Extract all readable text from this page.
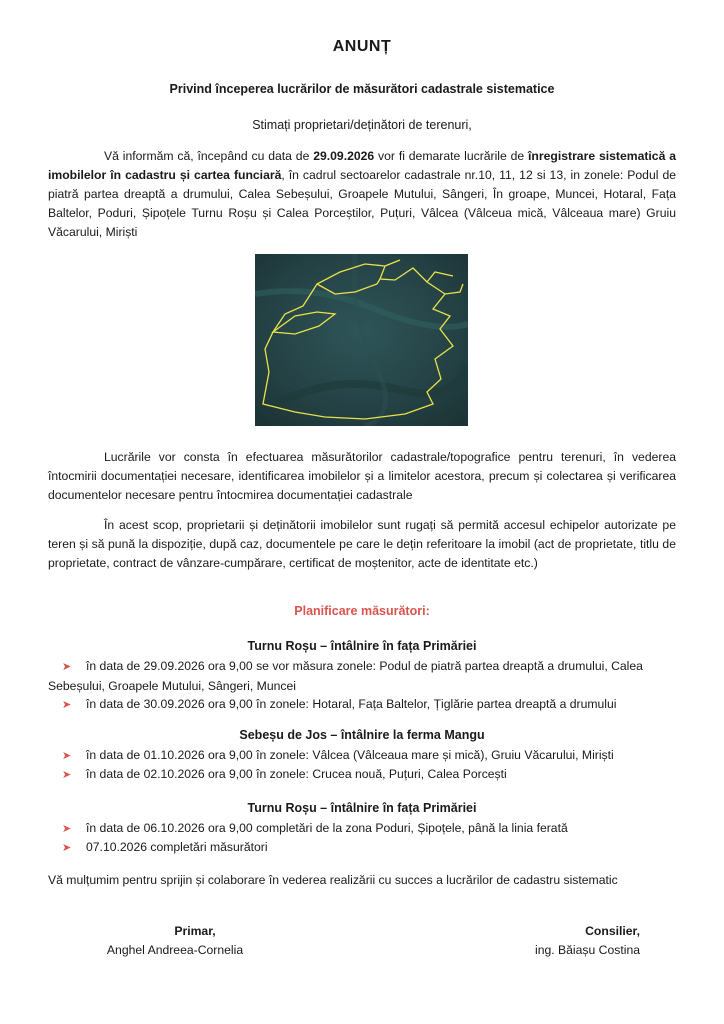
ANUNȚ
Privind începerea lucrărilor de măsurători cadastrale sistematice
Stimați proprietari/deținători de terenuri,
Vă informăm că, începând cu data de 29.09.2026 vor fi demarate lucrările de înregistrare sistematică a imobilelor în cadastru și cartea funciară, în cadrul sectoarelor cadastrale nr.10, 11, 12 si 13, in zonele: Podul de piatră partea dreaptă a drumului, Calea Sebeșului, Groapele Mutului, Sângeri, În groape, Muncei, Hotaral, Fața Baltelor, Poduri, Șipoțele Turnu Roșu și Calea Porceștilor, Puțuri, Vâlcea (Vâlceua mică, Vâlceaua mare) Gruiu Văcarului, Miriști
Lucrările vor consta în efectuarea măsurătorilor cadastrale/topografice pentru terenuri, în vederea întocmirii documentației necesare, identificarea imobilelor și a limitelor acestora, precum și colectarea și verificarea documentelor necesare pentru întocmirea documentației cadastrale
În acest scop, proprietarii și deținătorii imobilelor sunt rugați să permită accesul echipelor autorizate pe teren și să pună la dispoziție, după caz, documentele pe care le dețin referitoare la imobil (act de proprietate, titlu de proprietate, contract de vânzare-cumpărare, certificat de moștenitor, acte de identitate etc.)
Planificare măsurători:
Turnu Roșu – întâlnire în fața Primăriei
➤ în data de 29.09.2026 ora 9,00 se vor măsura zonele: Podul de piatră partea dreaptă a drumului, Calea Sebeșului, Groapele Mutului, Sângeri, Muncei
➤ în data de 30.09.2026 ora 9,00 în zonele: Hotaral, Fața Baltelor, Țiglărie partea dreaptă a drumului
Sebeșu de Jos – întâlnire la ferma Mangu
➤ în data de 01.10.2026 ora 9,00 în zonele: Vâlcea (Vâlceaua mare și mică), Gruiu Văcarului, Miriști
➤ în data de 02.10.2026 ora 9,00 în zonele: Crucea nouă, Puțuri, Calea Porcești
Turnu Roșu – întâlnire în fața Primăriei
➤ în data de 06.10.2026 ora 9,00 completări de la zona Poduri, Șipoțele, până la linia ferată
➤ 07.10.2026 completări măsurători
Vă mulțumim pentru sprijin și colaborare în vederea realizării cu succes a lucrărilor de cadastru sistematic
Primar,
Anghel Andreea-Cornelia
Consilier,
ing. Băiașu Costina
